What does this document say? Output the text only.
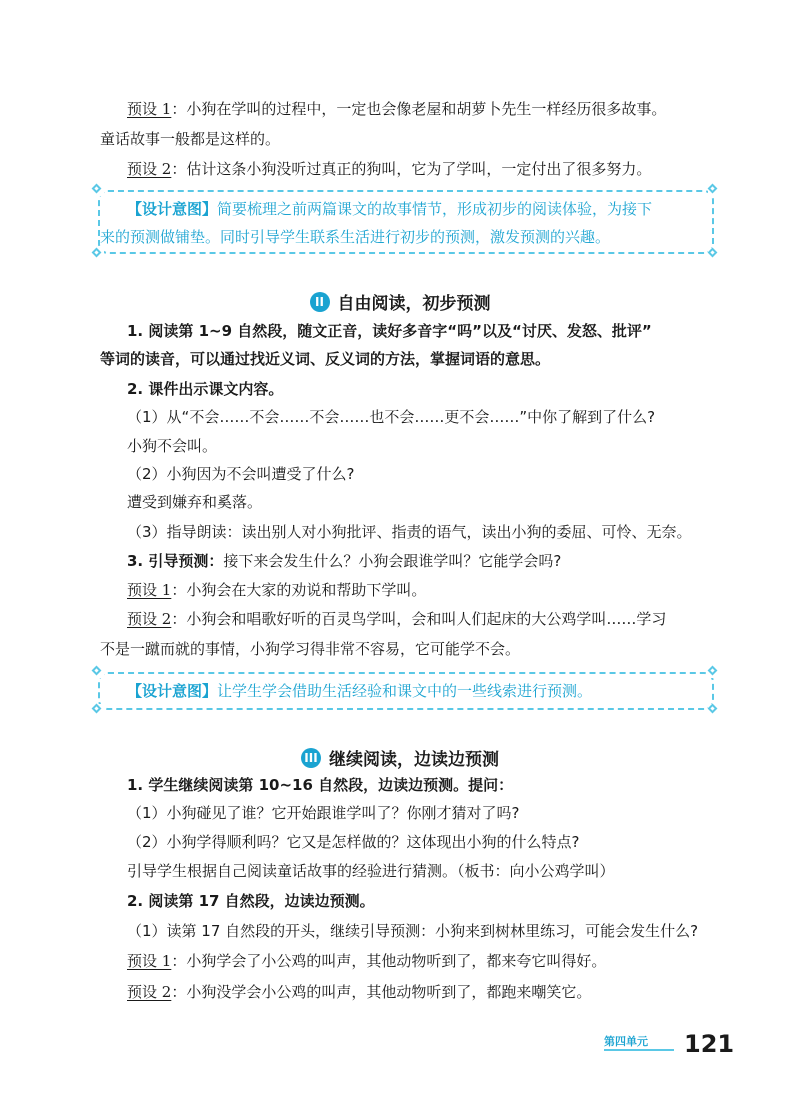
预设 1：小狗在学叫的过程中，一定也会像老屋和胡萝卜先生一样经历很多故事。
童话故事一般都是这样的。
预设 2：估计这条小狗没听过真正的狗叫，它为了学叫，一定付出了很多努力。
【设计意图】简要梳理之前两篇课文的故事情节，形成初步的阅读体验，为接下
来的预测做铺垫。同时引导学生联系生活进行初步的预测，激发预测的兴趣。
II 自由阅读，初步预测
1. 阅读第 1~9 自然段，随文正音，读好多音字“吗”以及“讨厌、发怒、批评”
等词的读音，可以通过找近义词、反义词的方法，掌握词语的意思。
2. 课件出示课文内容。
（1）从“不会……不会……不会……也不会……更不会……”中你了解到了什么?
小狗不会叫。
（2）小狗因为不会叫遭受了什么?
遭受到嫌弃和奚落。
（3）指导朗读：读出别人对小狗批评、指责的语气，读出小狗的委屈、可怜、无奈。
3. 引导预测：接下来会发生什么？小狗会跟谁学叫？它能学会吗?
预设 1：小狗会在大家的劝说和帮助下学叫。
预设 2：小狗会和唱歌好听的百灵鸟学叫，会和叫人们起床的大公鸡学叫……学习
不是一蹴而就的事情，小狗学习得非常不容易，它可能学不会。
【设计意图】让学生学会借助生活经验和课文中的一些线索进行预测。
III 继续阅读，边读边预测
1. 学生继续阅读第 10~16 自然段，边读边预测。提问：
（1）小狗碰见了谁？它开始跟谁学叫了？你刚才猜对了吗?
（2）小狗学得顺利吗？它又是怎样做的？这体现出小狗的什么特点?
引导学生根据自己阅读童话故事的经验进行猜测。（板书：向小公鸡学叫）
2. 阅读第 17 自然段，边读边预测。
（1）读第 17 自然段的开头，继续引导预测：小狗来到树林里练习，可能会发生什么?
预设 1：小狗学会了小公鸡的叫声，其他动物听到了，都来夸它叫得好。
预设 2：小狗没学会小公鸡的叫声，其他动物听到了，都跑来嘲笑它。
第四单元 121
